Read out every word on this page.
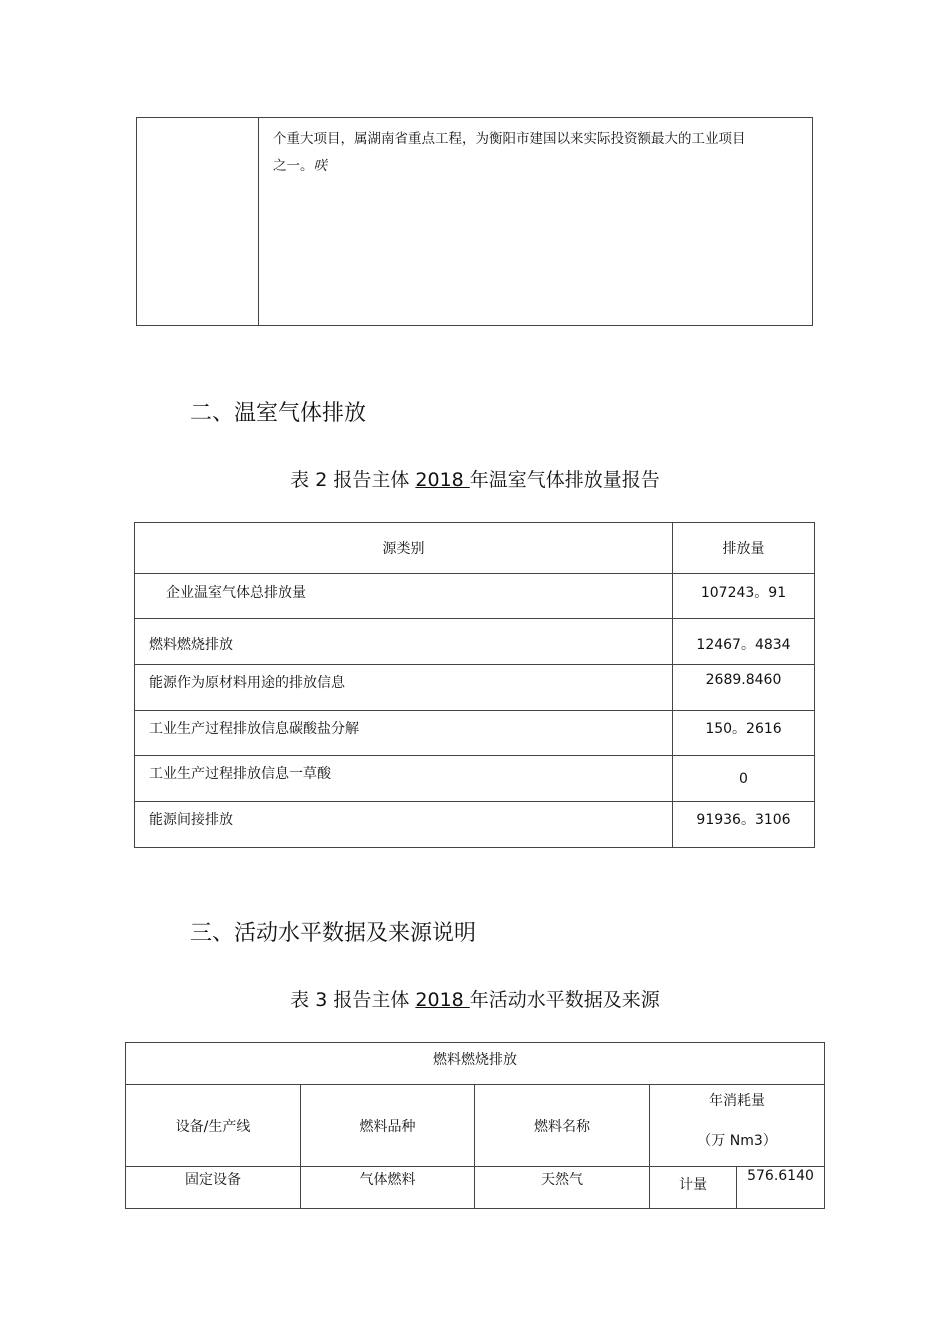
个重大项目，属湖南省重点工程，为衡阳市建国以来实际投资额最大的工业项目
之一。咲
二、温室气体排放
表 2 报告主体 2018 年温室气体排放量报告
源类别	排放量
企业温室气体总排放量	107243。91
燃料燃烧排放	12467。4834
能源作为原材料用途的排放信息	2689.8460
工业生产过程排放信息碳酸盐分解	150。2616
工业生产过程排放信息一草酸	0
能源间接排放	91936。3106
三、活动水平数据及来源说明
表 3 报告主体 2018 年活动水平数据及来源
燃料燃烧排放				
设备/生产线	燃料品种	燃料名称	年消耗量
（万 Nm3）	

固定设备	气体燃料	天然气	计量	576.6140
